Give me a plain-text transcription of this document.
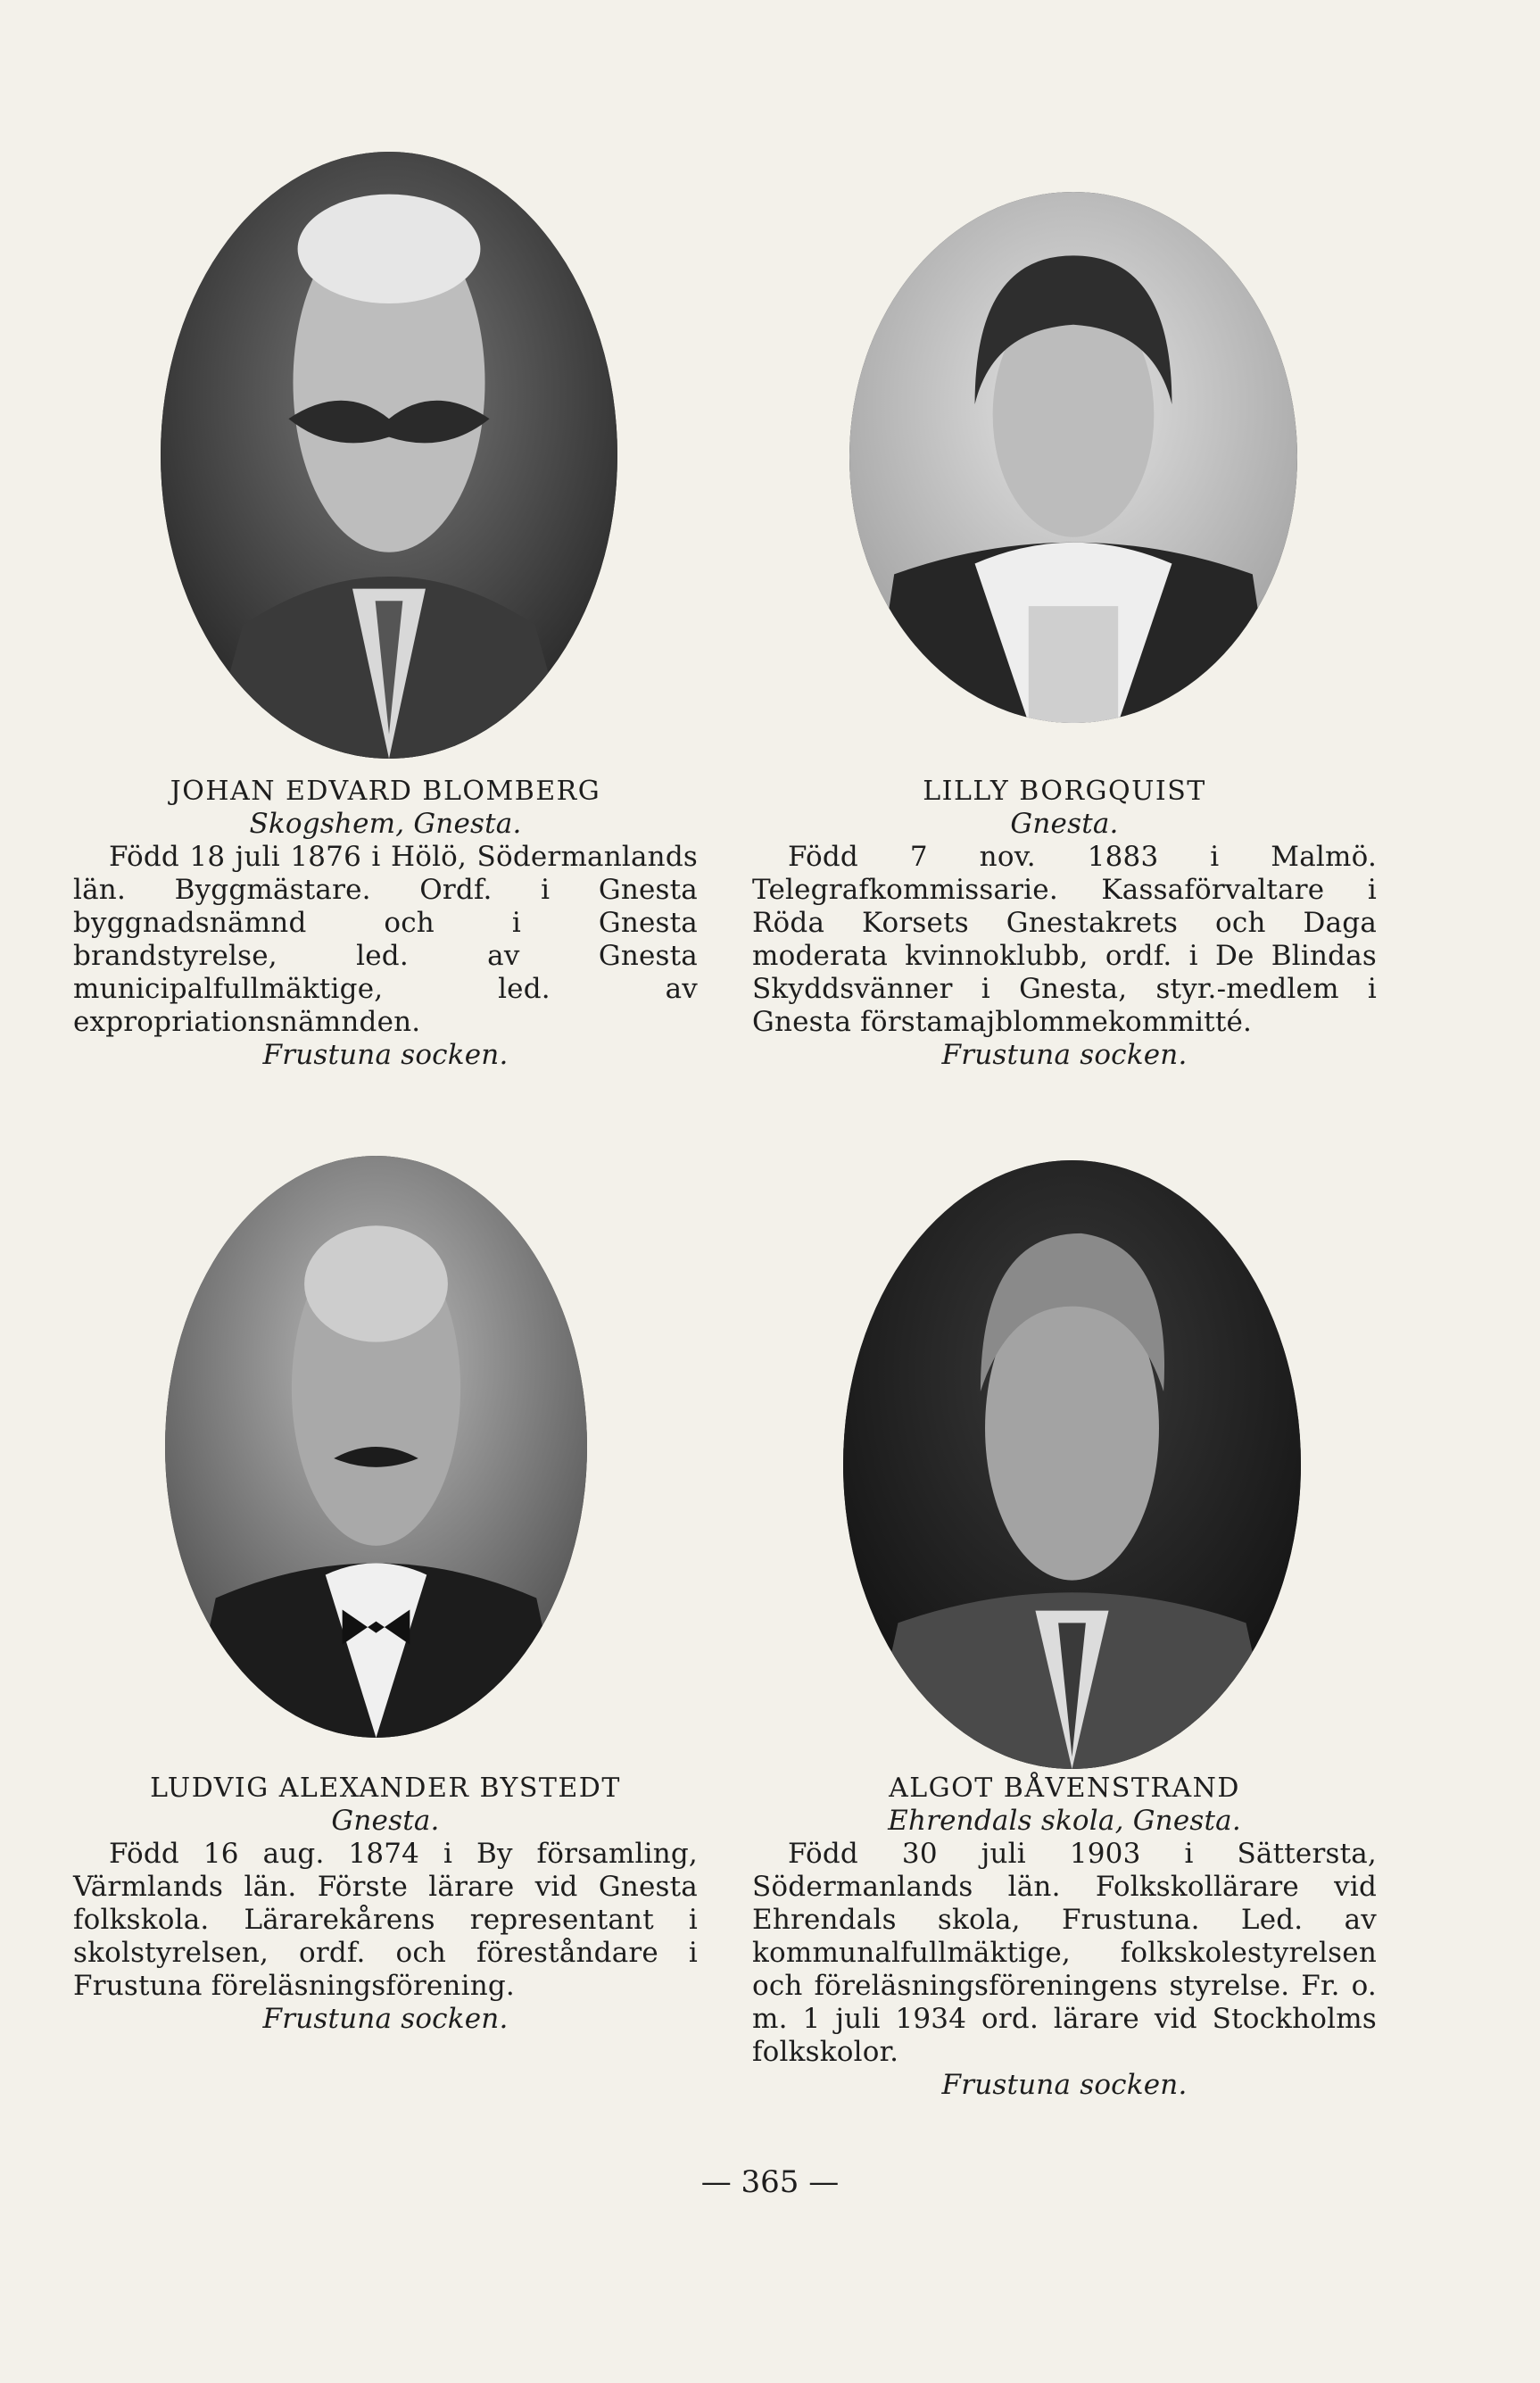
JOHAN EDVARD BLOMBERG
Skogshem, Gnesta.
Född 18 juli 1876 i Hölö, Södermanlands län. Byggmästare. Ordf. i Gnesta byggnadsnämnd och i Gnesta brandstyrelse, led. av Gnesta municipalfullmäktige, led. av expropriationsnämnden.
Frustuna socken.
LILLY BORGQUIST
Gnesta.
Född 7 nov. 1883 i Malmö. Telegrafkommissarie. Kassaförvaltare i Röda Korsets Gnestakrets och Daga moderata kvinnoklubb, ordf. i De Blindas Skyddsvänner i Gnesta, styr.-medlem i Gnesta förstamajblommekommitté.
Frustuna socken.
LUDVIG ALEXANDER BYSTEDT
Gnesta.
Född 16 aug. 1874 i By församling, Värmlands län. Förste lärare vid Gnesta folkskola. Lärarekårens representant i skolstyrelsen, ordf. och föreståndare i Frustuna föreläsningsförening.
Frustuna socken.
ALGOT BÅVENSTRAND
Ehrendals skola, Gnesta.
Född 30 juli 1903 i Sättersta, Södermanlands län. Folkskollärare vid Ehrendals skola, Frustuna. Led. av kommunalfullmäktige, folkskolestyrelsen och föreläsningsföreningens styrelse. Fr. o. m. 1 juli 1934 ord. lärare vid Stockholms folkskolor.
Frustuna socken.
— 365 —
